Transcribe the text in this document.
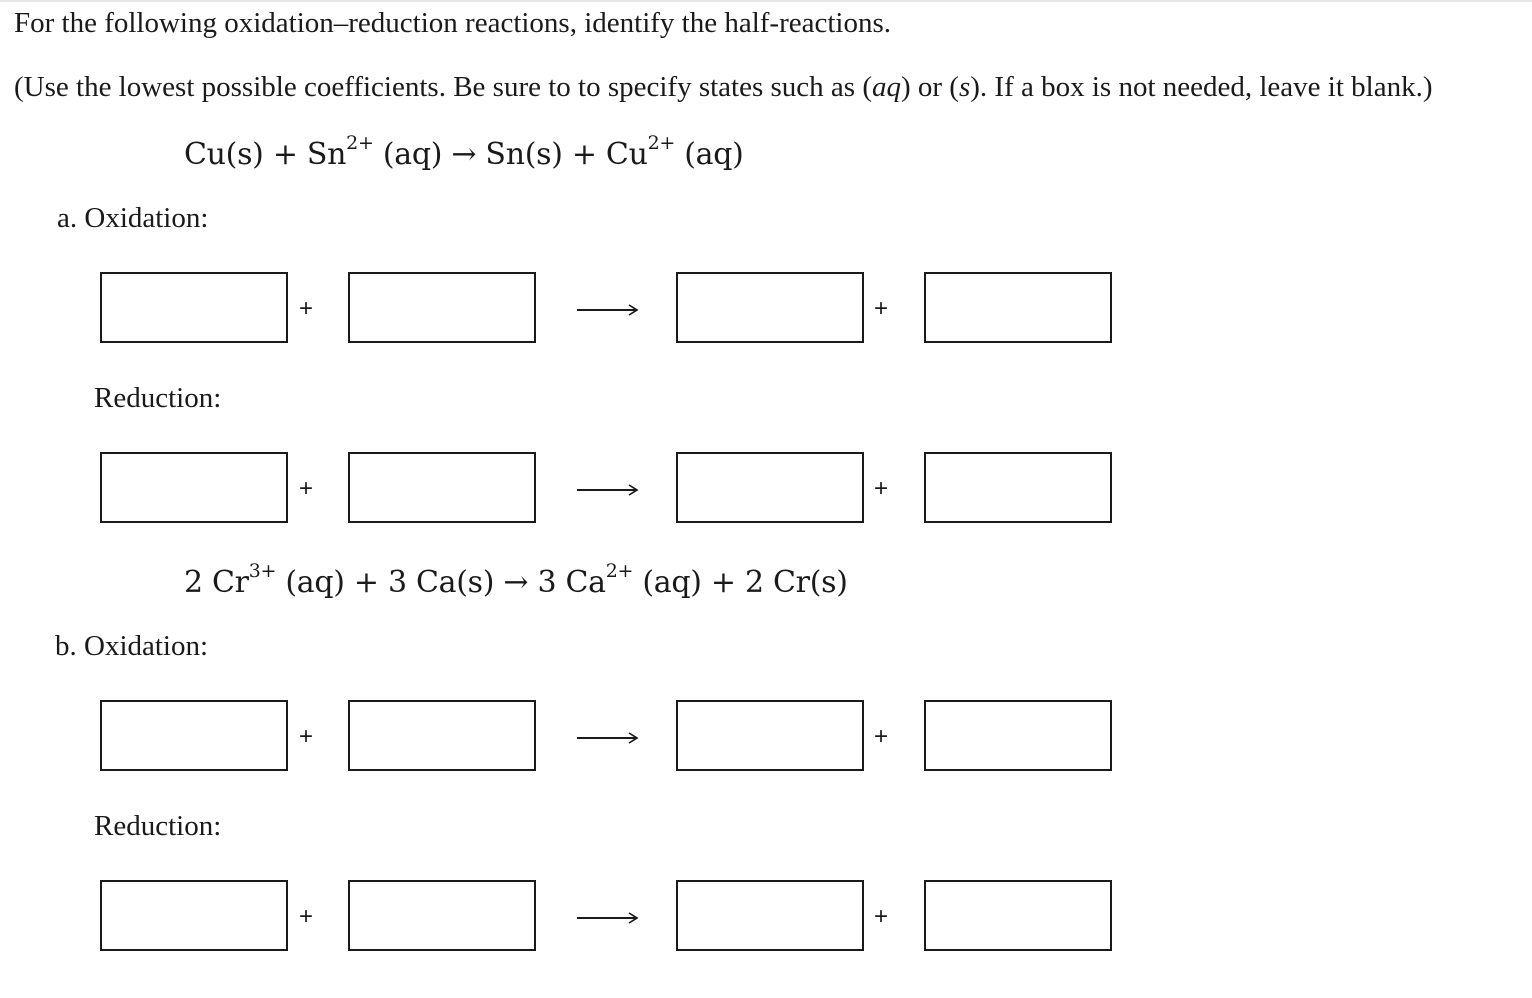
For the following oxidation–reduction reactions, identify the half-reactions.
(Use the lowest possible coefficients. Be sure to to specify states such as (aq) or (s). If a box is not needed, leave it blank.)
$Cu(s) + Sn^{2+}$ $(aq) \to Sn(s) + Cu^{2+}$ (aq)
a. Oxidation:
+	+
Reduction:
+	+
2 $Cr^{3+}$ (aq) + 3 Ca(s) → 3 $Ca^{2+}$ (aq) + 2 Cr(s)
b. Oxidation:
+	+
Reduction:
+	+
